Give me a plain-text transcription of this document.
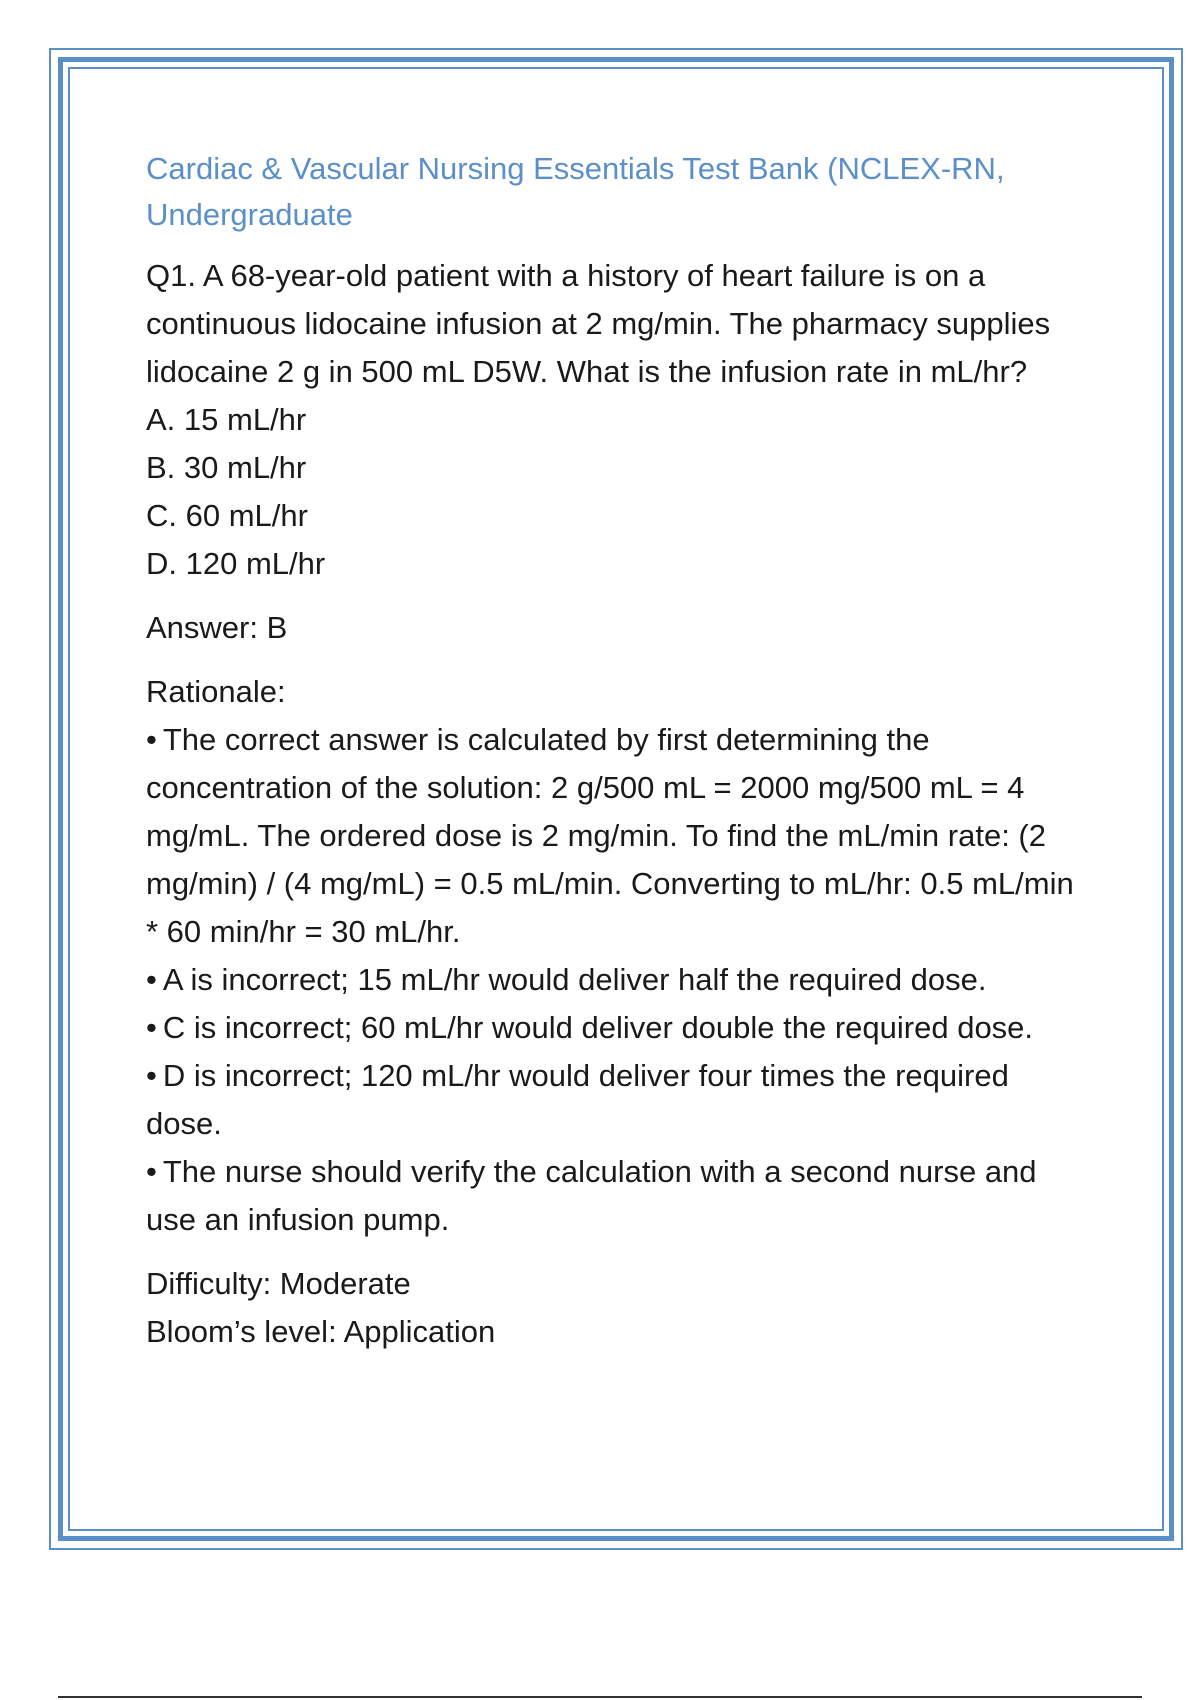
Cardiac & Vascular Nursing Essentials Test Bank (NCLEX-RN, Undergraduate

Q1. A 68-year-old patient with a history of heart failure is on a continuous lidocaine infusion at 2 mg/min. The pharmacy supplies lidocaine 2 g in 500 mL D5W. What is the infusion rate in mL/hr?

A. 15 mL/hr
B. 30 mL/hr
C. 60 mL/hr
D. 120 mL/hr

Answer: B

Rationale:

• The correct answer is calculated by first determining the concentration of the solution: 2 g/500 mL = 2000 mg/500 mL = 4 mg/mL. The ordered dose is 2 mg/min. To find the mL/min rate: (2 mg/min) / (4 mg/mL) = 0.5 mL/min. Converting to mL/hr: 0.5 mL/min * 60 min/hr = 30 mL/hr.

• A is incorrect; 15 mL/hr would deliver half the required dose.

• C is incorrect; 60 mL/hr would deliver double the required dose.

• D is incorrect; 120 mL/hr would deliver four times the required dose.

• The nurse should verify the calculation with a second nurse and use an infusion pump.

Difficulty: Moderate

Bloom’s level: Application
